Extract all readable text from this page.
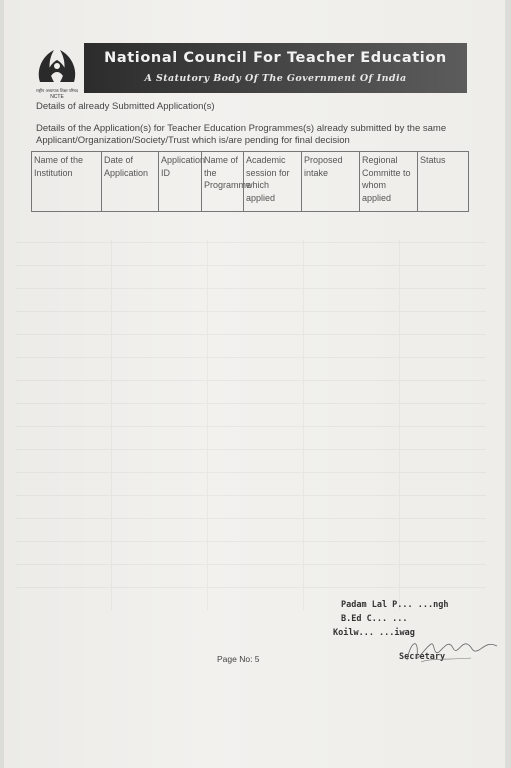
राष्ट्रीय अध्यापक शिक्षा परिषद
NCTE
National Council For Teacher Education
A Statutory Body Of The Government Of India
Details of already Submitted Application(s)
Details of the Application(s) for Teacher Education Programmes(s) already submitted by the same Applicant/Organization/Society/Trust which is/are pending for final decision
Name of the Institution	Date of Application	Application ID	Name of the Programme	Academic session for which applied	Proposed intake	Regional Committe to whom applied	Status
Padam Lal P... ...ngh
B.Ed C... ...
Koilw... ...iwag
Secretary
Page No: 5
